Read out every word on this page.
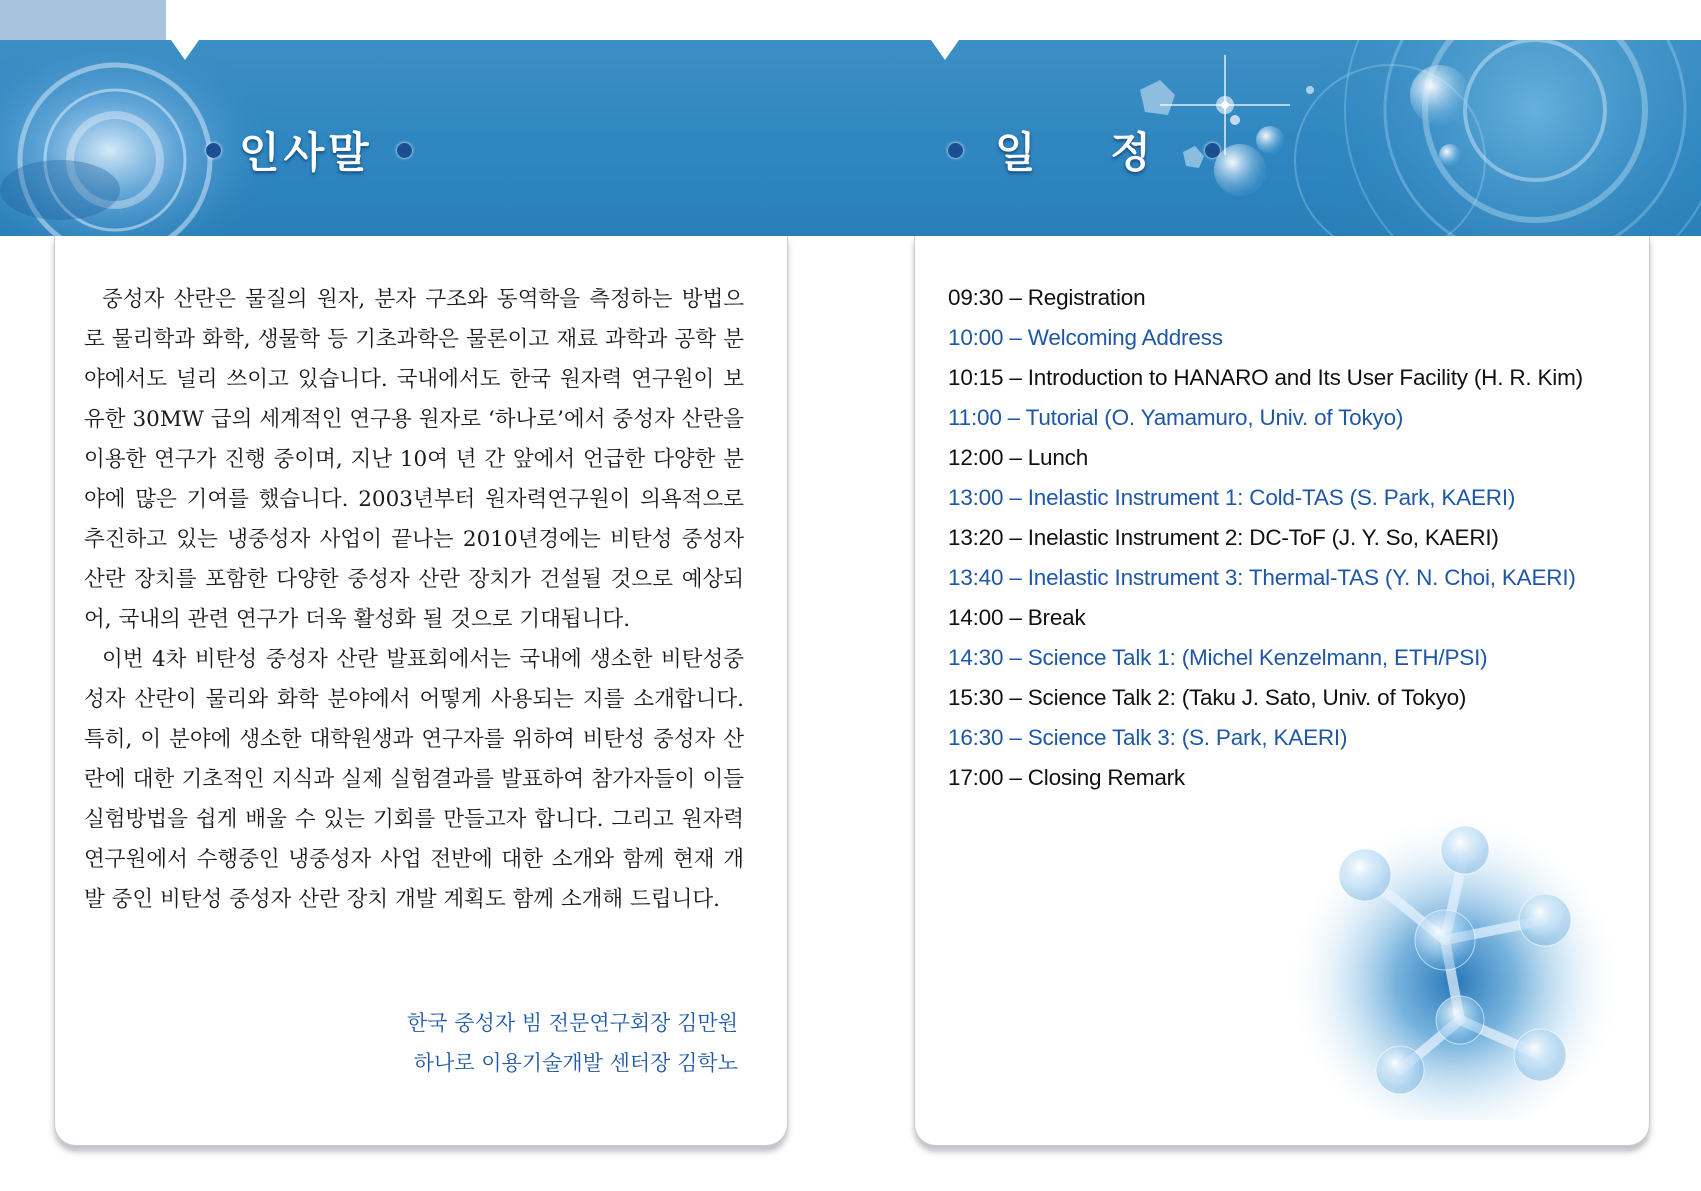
인사말	일 정

중성자 산란은 물질의 원자, 분자 구조와 동역학을 측정하는 방법으로 물리학과 화학, 생물학 등 기초과학은 물론이고 재료 과학과 공학 분야에서도 널리 쓰이고 있습니다. 국내에서도 한국 원자력 연구원이 보유한 30MW 급의 세계적인 연구용 원자로 ‘하나로’에서 중성자 산란을 이용한 연구가 진행 중이며, 지난 10여 년 간 앞에서 언급한 다양한 분야에 많은 기여를 했습니다. 2003년부터 원자력연구원이 의욕적으로 추진하고 있는 냉중성자 사업이 끝나는 2010년경에는 비탄성 중성자 산란 장치를 포함한 다양한 중성자 산란 장치가 건설될 것으로 예상되어, 국내의 관련 연구가 더욱 활성화 될 것으로 기대됩니다.

이번 4차 비탄성 중성자 산란 발표회에서는 국내에 생소한 비탄성중성자 산란이 물리와 화학 분야에서 어떻게 사용되는 지를 소개합니다. 특히, 이 분야에 생소한 대학원생과 연구자를 위하여 비탄성 중성자 산란에 대한 기초적인 지식과 실제 실험결과를 발표하여 참가자들이 이들 실험방법을 쉽게 배울 수 있는 기회를 만들고자 합니다. 그리고 원자력연구원에서 수행중인 냉중성자 사업 전반에 대한 소개와 함께 현재 개발 중인 비탄성 중성자 산란 장치 개발 계획도 함께 소개해 드립니다.

한국 중성자 빔 전문연구회장 김만원
하나로 이용기술개발 센터장 김학노
09:30 – Registration
10:00 – Welcoming Address
10:15 – Introduction to HANARO and Its User Facility (H. R. Kim)
11:00 – Tutorial (O. Yamamuro, Univ. of Tokyo)
12:00 – Lunch
13:00 – Inelastic Instrument 1: Cold-TAS (S. Park, KAERI)
13:20 – Inelastic Instrument 2: DC-ToF (J. Y. So, KAERI)
13:40 – Inelastic Instrument 3: Thermal-TAS (Y. N. Choi, KAERI)
14:00 – Break
14:30 – Science Talk 1: (Michel Kenzelmann, ETH/PSI)
15:30 – Science Talk 2: (Taku J. Sato, Univ. of Tokyo)
16:30 – Science Talk 3: (S. Park, KAERI)
17:00 – Closing Remark
